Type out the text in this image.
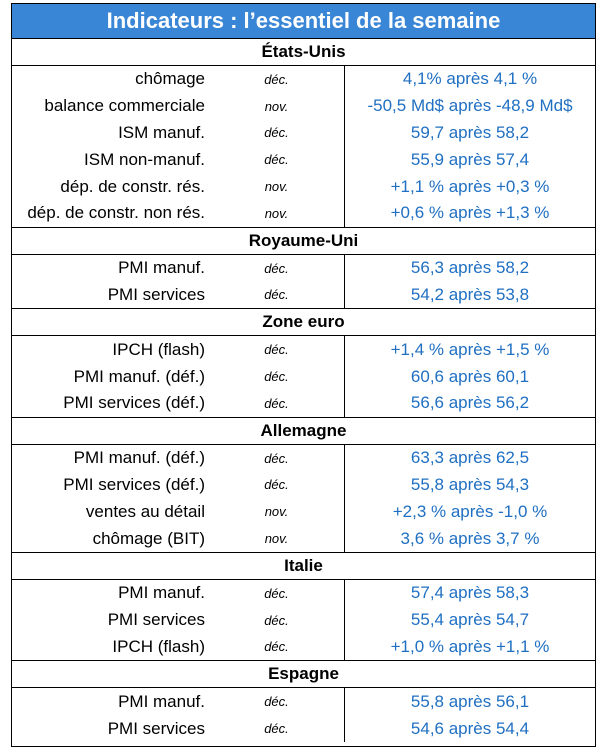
Indicateurs : l’essentiel de la semaine
États-Unis
chômage	déc.	4,1% après 4,1 %
balance commerciale	nov.	-50,5 Md$ après -48,9 Md$
ISM manuf.	déc.	59,7 après 58,2
ISM non-manuf.	déc.	55,9 après 57,4
dép. de constr. rés.	nov.	+1,1 % après +0,3 %
dép. de constr. non rés.	nov.	+0,6 % après +1,3 %
Royaume-Uni
PMI manuf.	déc.	56,3 après 58,2
PMI services	déc.	54,2 après 53,8
Zone euro
IPCH (flash)	déc.	+1,4 % après +1,5 %
PMI manuf. (déf.)	déc.	60,6 après 60,1
PMI services (déf.)	déc.	56,6 après 56,2
Allemagne
PMI manuf. (déf.)	déc.	63,3 après 62,5
PMI services (déf.)	déc.	55,8 après 54,3
ventes au détail	nov.	+2,3 % après -1,0 %
chômage (BIT)	nov.	3,6 % après 3,7 %
Italie
PMI manuf.	déc.	57,4 après 58,3
PMI services	déc.	55,4 après 54,7
IPCH (flash)	déc.	+1,0 % après +1,1 %
Espagne
PMI manuf.	déc.	55,8 après 56,1
PMI services	déc.	54,6 après 54,4
